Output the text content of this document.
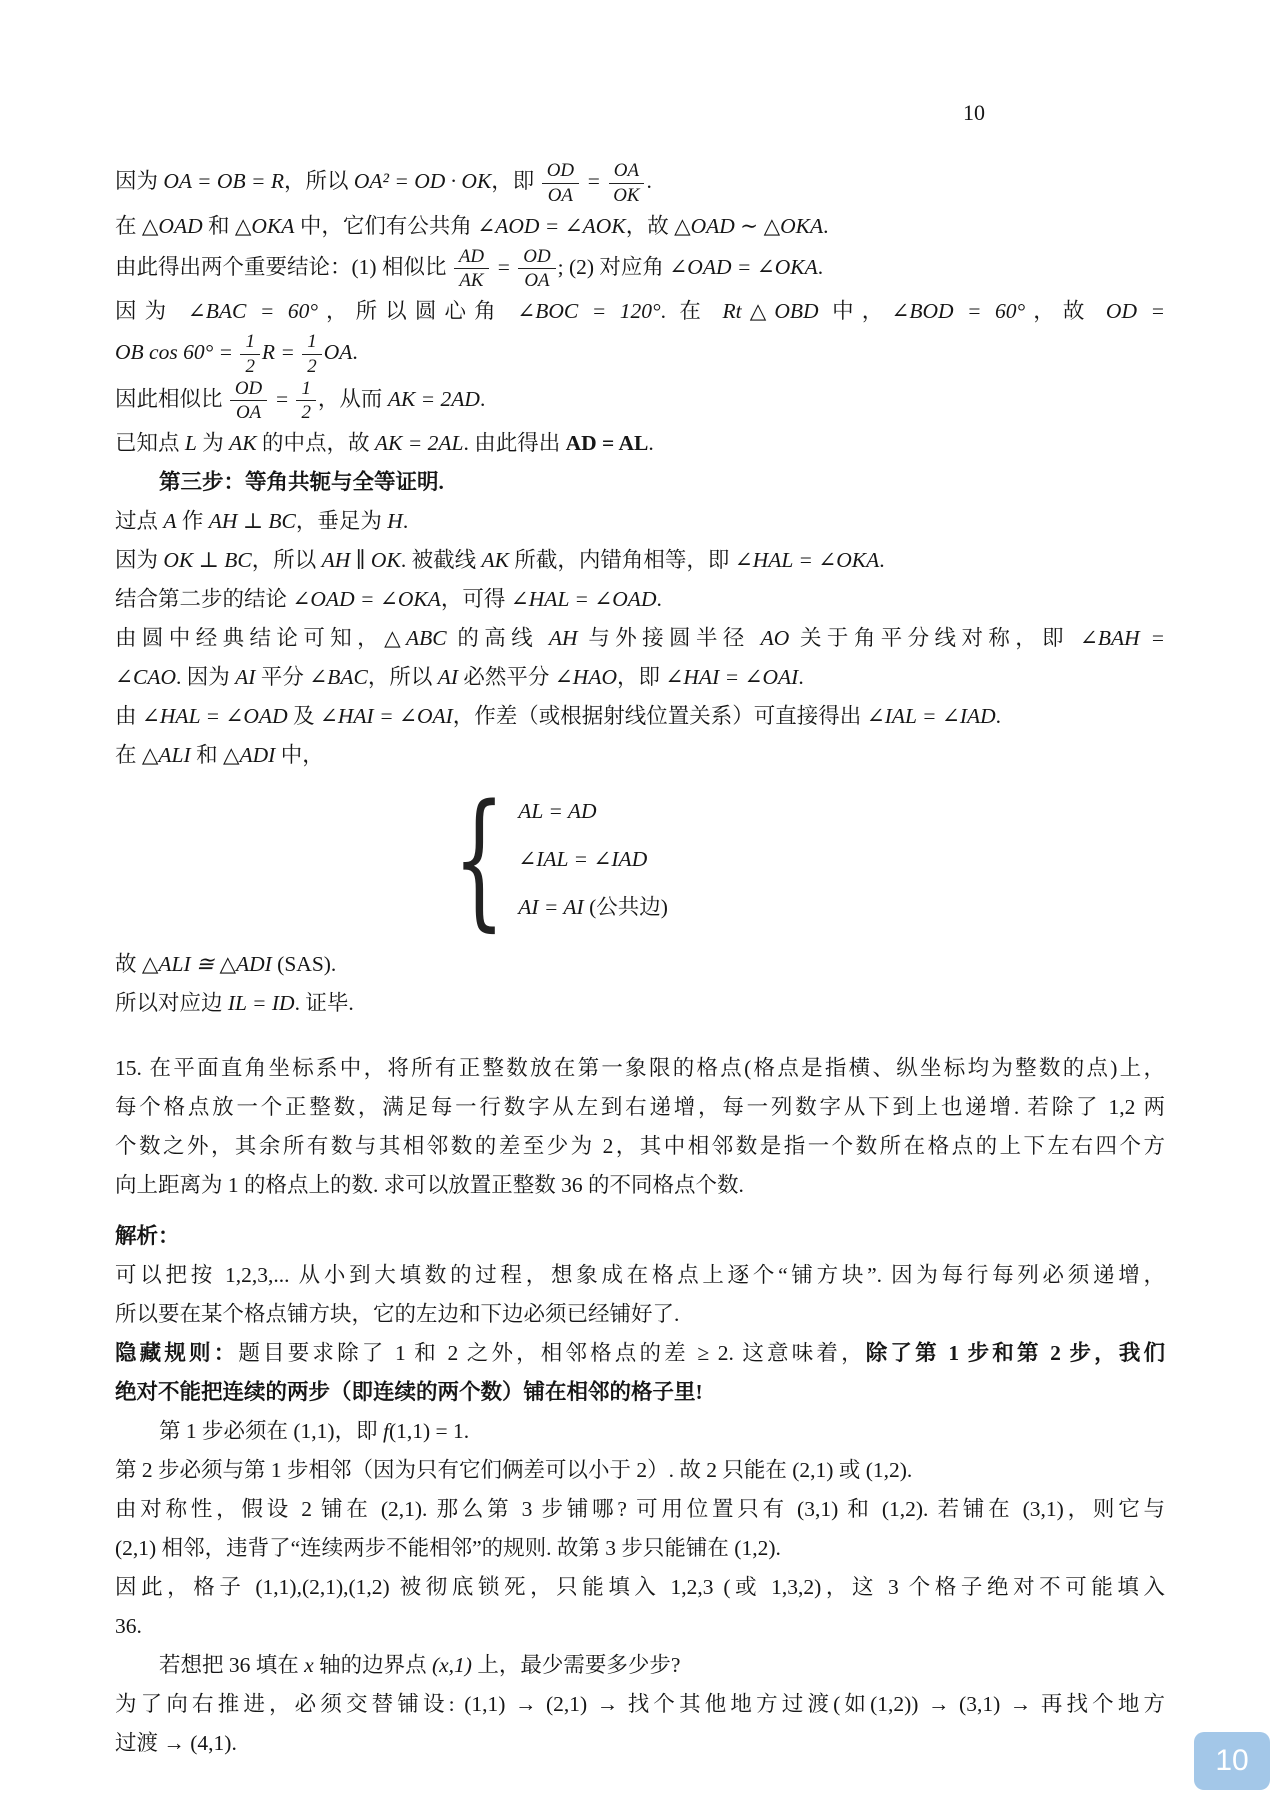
10
因为 OA = OB = R，所以 OA² = OD · OK，即 $\frac{OD}{OA} = \frac{OA}{OK}$ .
在 △OAD 和 △OKA 中，它们有公共角 ∠AOD = ∠AOK，故 △OAD ∼ △OKA.
由此得出两个重要结论：(1) 相似比 $\frac{AD}{AK} = \frac{OD}{OA}$ ; (2) 对应角 ∠OAD = ∠OKA.
因为 ∠BAC = 60°，所以圆心角 ∠BOC = 120°. 在 Rt△OBD 中，∠BOD = 60°，故 OD =
OB $\cos 60^\circ = \frac{1}{2}$ $R = \frac{1}{2}$ OA.
因此相似比 $\frac{OD}{OA} = \frac{1}{2}$ ，从而 AK = 2AD.
已知点 L 为 AK 的中点，故 AK = 2AL. 由此得出 AD = AL.
第三步：等角共轭与全等证明.
过点 A 作 AH ⊥ BC，垂足为 H.
因为 OK ⊥ BC，所以 AH ∥ OK. 被截线 AK 所截，内错角相等，即 ∠HAL = ∠OKA.
结合第二步的结论 ∠OAD = ∠OKA，可得 ∠HAL = ∠OAD.
由圆中经典结论可知，△ABC 的高线 AH 与外接圆半径 AO 关于角平分线对称，即 ∠BAH =
∠CAO. 因为 AI 平分 ∠BAC，所以 AI 必然平分 ∠HAO，即 ∠HAI = ∠OAI.
由 ∠HAL = ∠OAD 及 ∠HAI = ∠OAI，作差（或根据射线位置关系）可直接得出 ∠IAL = ∠IAD.
在 △ALI 和 △ADI 中，
{ AL = AD
∠IAL = ∠IAD
AI = AI (公共边)
故 △ALI ≅ △ADI (SAS).
所以对应边 IL = ID. 证毕.
15. 在平面直角坐标系中，将所有正整数放在第一象限的格点(格点是指横、纵坐标均为整数的点)上，
每个格点放一个正整数，满足每一行数字从左到右递增，每一列数字从下到上也递增. 若除了 1,2 两
个数之外，其余所有数与其相邻数的差至少为 2，其中相邻数是指一个数所在格点的上下左右四个方
向上距离为 1 的格点上的数. 求可以放置正整数 36 的不同格点个数.
解析：
可以把按 1,2,3,... 从小到大填数的过程，想象成在格点上逐个“铺方块”. 因为每行每列必须递增，
所以要在某个格点铺方块，它的左边和下边必须已经铺好了.
隐藏规则：题目要求除了 1 和 2 之外，相邻格点的差 ≥ 2. 这意味着，除了第 1 步和第 2 步，我们
绝对不能把连续的两步（即连续的两个数）铺在相邻的格子里!
第 1 步必须在 (1,1)，即 f(1,1) = 1.
第 2 步必须与第 1 步相邻（因为只有它们俩差可以小于 2）. 故 2 只能在 (2,1) 或 (1,2).
由对称性，假设 2 铺在 (2,1). 那么第 3 步铺哪? 可用位置只有 (3,1) 和 (1,2). 若铺在 (3,1)，则它与
(2,1) 相邻，违背了“连续两步不能相邻”的规则. 故第 3 步只能铺在 (1,2).
因此，格子 (1,1),(2,1),(1,2) 被彻底锁死，只能填入 1,2,3 (或 1,3,2)，这 3 个格子绝对不可能填入
36.
若想把 36 填在 x 轴的边界点 (x,1) 上，最少需要多少步?
为了向右推进，必须交替铺设: (1,1) → (2,1) → 找个其他地方过渡(如(1,2)) → (3,1) → 再找个地方
过渡 → (4,1).
10
